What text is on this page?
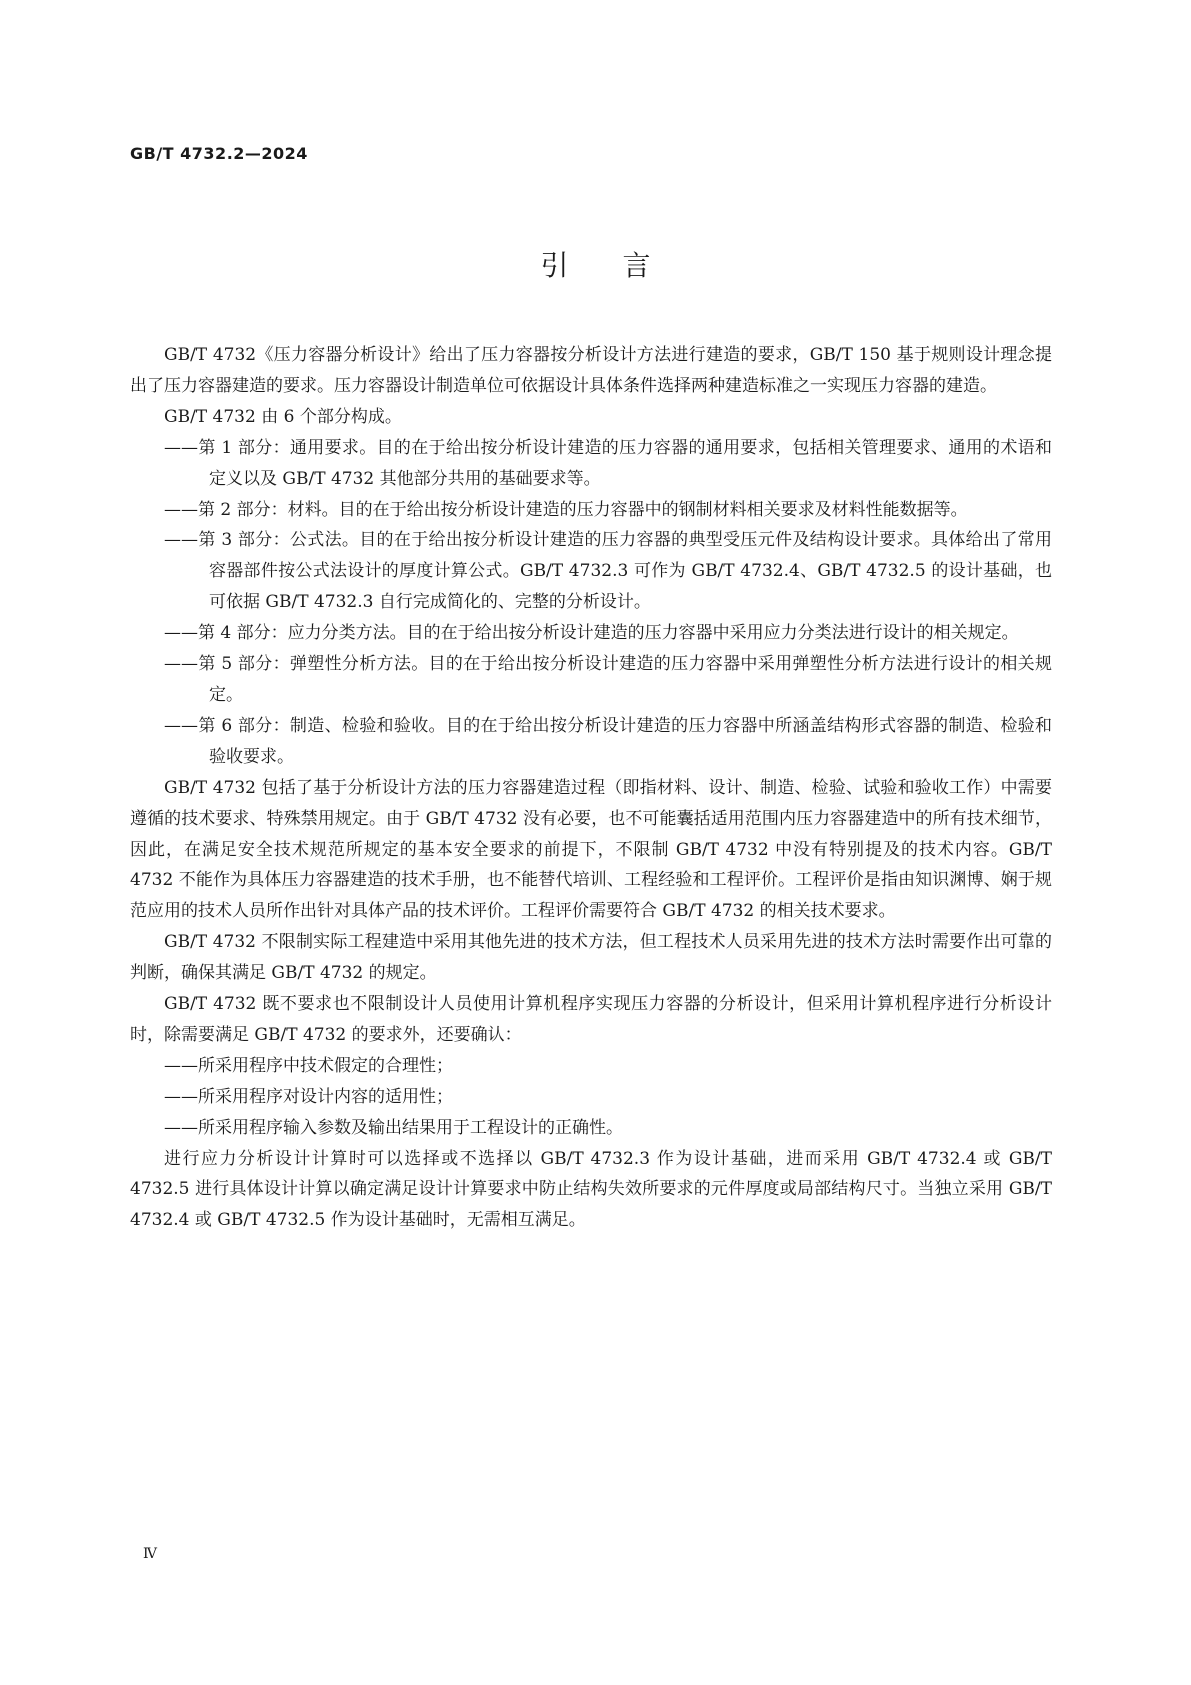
GB/T 4732.2—2024
引言

GB/T 4732《压力容器分析设计》给出了压力容器按分析设计方法进行建造的要求，GB/T 150 基于规则设计理念提出了压力容器建造的要求。压力容器设计制造单位可依据设计具体条件选择两种建造标准之一实现压力容器的建造。

GB/T 4732 由 6 个部分构成。

——第 1 部分：通用要求。目的在于给出按分析设计建造的压力容器的通用要求，包括相关管理要求、通用的术语和定义以及 GB/T 4732 其他部分共用的基础要求等。

——第 2 部分：材料。目的在于给出按分析设计建造的压力容器中的钢制材料相关要求及材料性能数据等。

——第 3 部分：公式法。目的在于给出按分析设计建造的压力容器的典型受压元件及结构设计要求。具体给出了常用容器部件按公式法设计的厚度计算公式。GB/T 4732.3 可作为 GB/T 4732.4、GB/T 4732.5 的设计基础，也可依据 GB/T 4732.3 自行完成简化的、完整的分析设计。

——第 4 部分：应力分类方法。目的在于给出按分析设计建造的压力容器中采用应力分类法进行设计的相关规定。

——第 5 部分：弹塑性分析方法。目的在于给出按分析设计建造的压力容器中采用弹塑性分析方法进行设计的相关规定。

——第 6 部分：制造、检验和验收。目的在于给出按分析设计建造的压力容器中所涵盖结构形式容器的制造、检验和验收要求。

GB/T 4732 包括了基于分析设计方法的压力容器建造过程（即指材料、设计、制造、检验、试验和验收工作）中需要遵循的技术要求、特殊禁用规定。由于 GB/T 4732 没有必要，也不可能囊括适用范围内压力容器建造中的所有技术细节，因此，在满足安全技术规范所规定的基本安全要求的前提下，不限制 GB/T 4732 中没有特别提及的技术内容。GB/T 4732 不能作为具体压力容器建造的技术手册，也不能替代培训、工程经验和工程评价。工程评价是指由知识渊博、娴于规范应用的技术人员所作出针对具体产品的技术评价。工程评价需要符合 GB/T 4732 的相关技术要求。

GB/T 4732 不限制实际工程建造中采用其他先进的技术方法，但工程技术人员采用先进的技术方法时需要作出可靠的判断，确保其满足 GB/T 4732 的规定。

GB/T 4732 既不要求也不限制设计人员使用计算机程序实现压力容器的分析设计，但采用计算机程序进行分析设计时，除需要满足 GB/T 4732 的要求外，还要确认：

——所采用程序中技术假定的合理性；

——所采用程序对设计内容的适用性；

——所采用程序输入参数及输出结果用于工程设计的正确性。

进行应力分析设计计算时可以选择或不选择以 GB/T 4732.3 作为设计基础，进而采用 GB/T 4732.4 或 GB/T 4732.5 进行具体设计计算以确定满足设计计算要求中防止结构失效所要求的元件厚度或局部结构尺寸。当独立采用 GB/T 4732.4 或 GB/T 4732.5 作为设计基础时，无需相互满足。

Ⅳ
